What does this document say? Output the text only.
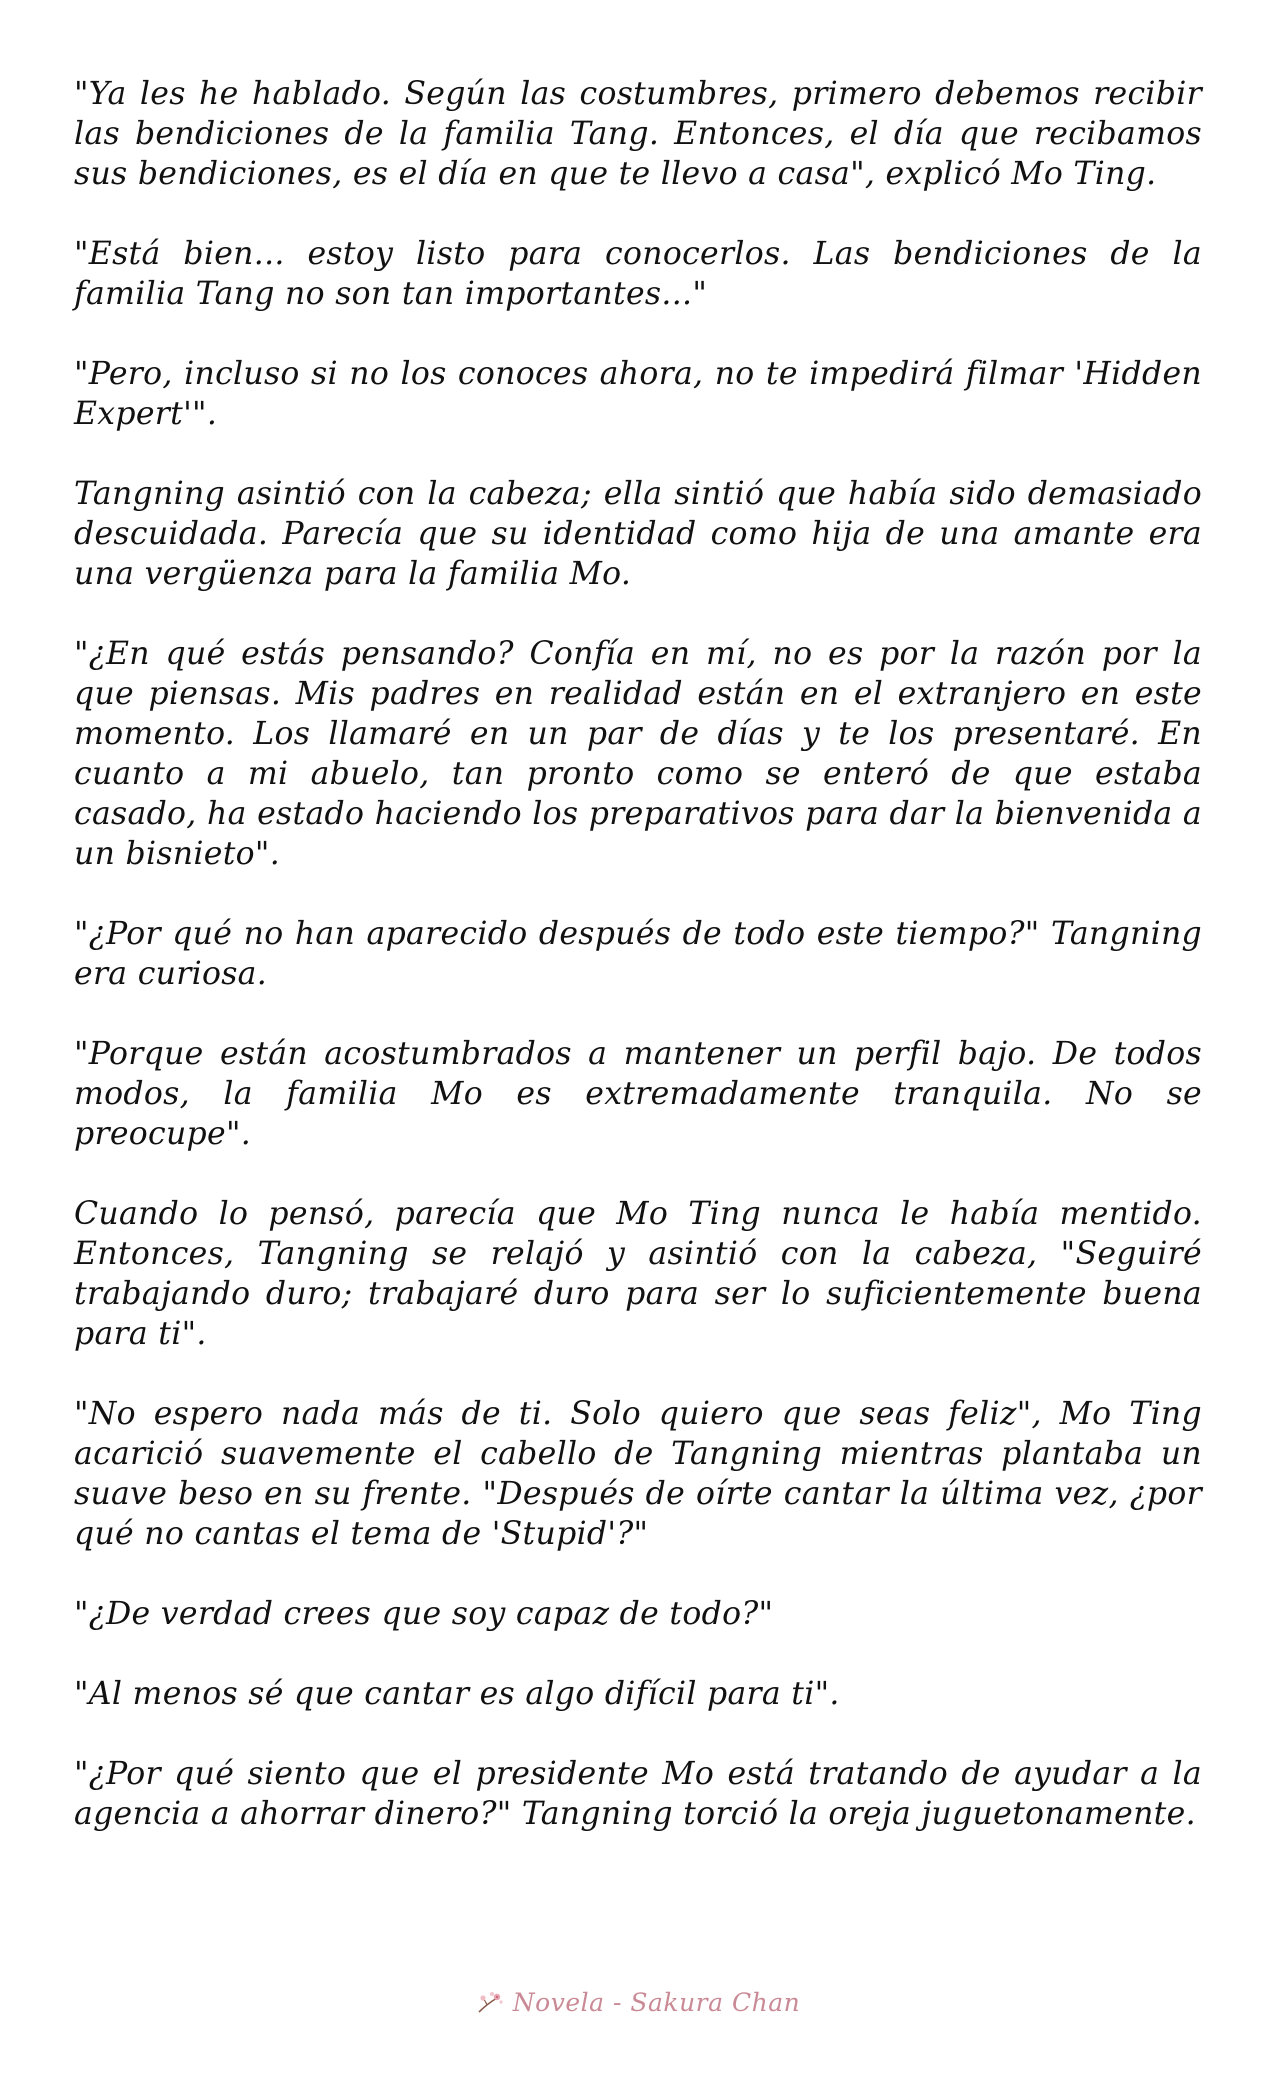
"Ya les he hablado. Según las costumbres, primero debemos recibir las bendiciones de la familia Tang. Entonces, el día que recibamos sus bendiciones, es el día en que te llevo a casa", explicó Mo Ting.

"Está bien... estoy listo para conocerlos. Las bendiciones de la familia Tang no son tan importantes..."

"Pero, incluso si no los conoces ahora, no te impedirá filmar 'Hidden Expert'".

Tangning asintió con la cabeza; ella sintió que había sido demasiado descuidada. Parecía que su identidad como hija de una amante era una vergüenza para la familia Mo.

"¿En qué estás pensando? Confía en mí, no es por la razón por la que piensas. Mis padres en realidad están en el extranjero en este momento. Los llamaré en un par de días y te los presentaré. En cuanto a mi abuelo, tan pronto como se enteró de que estaba casado, ha estado haciendo los preparativos para dar la bienvenida a un bisnieto".

"¿Por qué no han aparecido después de todo este tiempo?" Tangning era curiosa.

"Porque están acostumbrados a mantener un perfil bajo. De todos modos, la familia Mo es extremadamente tranquila. No se preocupe".

Cuando lo pensó, parecía que Mo Ting nunca le había mentido. Entonces, Tangning se relajó y asintió con la cabeza, "Seguiré trabajando duro; trabajaré duro para ser lo suficientemente buena para ti".

"No espero nada más de ti. Solo quiero que seas feliz", Mo Ting acarició suavemente el cabello de Tangning mientras plantaba un suave beso en su frente. "Después de oírte cantar la última vez, ¿por qué no cantas el tema de 'Stupid'?"

"¿De verdad crees que soy capaz de todo?"

"Al menos sé que cantar es algo difícil para ti".

"¿Por qué siento que el presidente Mo está tratando de ayudar a la agencia a ahorrar dinero?" Tangning torció la oreja juguetonamente.

Novela - Sakura Chan
